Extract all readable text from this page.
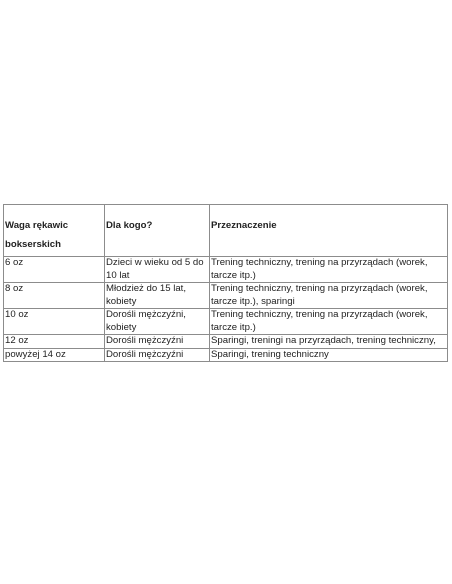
Waga rękawic bokserskich	Dla kogo?	Przeznaczenie
6 oz	Dzieci w wieku od 5 do 10 lat	Trening techniczny, trening na przyrządach (worek, tarcze itp.)
8 oz	Młodzież do 15 lat, kobiety	Trening techniczny, trening na przyrządach (worek, tarcze itp.), sparingi
10 oz	Dorośli mężczyźni, kobiety	Trening techniczny, trening na przyrządach (worek, tarcze itp.)
12 oz	Dorośli mężczyźni	Sparingi, treningi na przyrządach, trening techniczny,
powyżej 14 oz	Dorośli mężczyźni	Sparingi, trening techniczny
